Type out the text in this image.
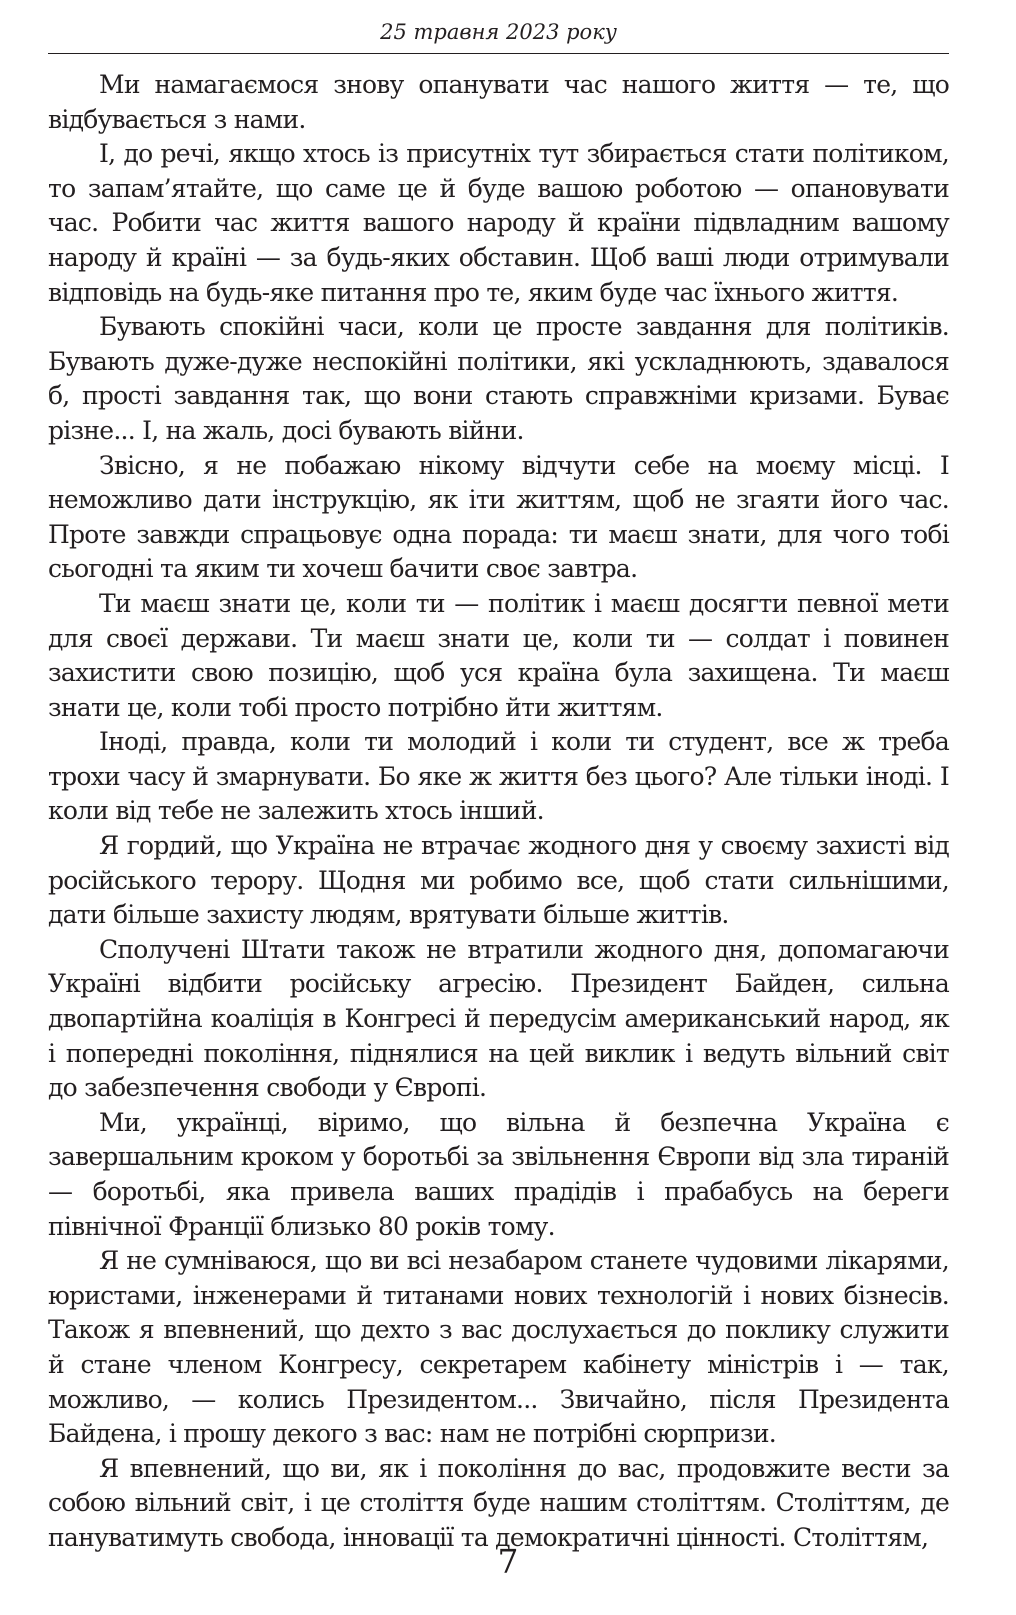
25 травня 2023 року

Ми намагаємося знову опанувати час нашого життя — те, що відбувається з нами.

І, до речі, якщо хтось із присутніх тут збирається стати політиком, то запам’ятайте, що саме це й буде вашою роботою — опановувати час. Робити час життя вашого народу й країни підвладним вашому народу й країні — за будь-яких обставин. Щоб ваші люди отримували відповідь на будь-яке питання про те, яким буде час їхнього життя.

Бувають спокійні часи, коли це просте завдання для політиків. Бувають дуже-дуже неспокійні політики, які ускладнюють, здавалося б, прості завдання так, що вони стають справжніми кризами. Буває різне... І, на жаль, досі бувають війни.

Звісно, я не побажаю нікому відчути себе на моєму місці. І неможливо дати інструкцію, як іти життям, щоб не згаяти його час. Проте завжди спрацьовує одна порада: ти маєш знати, для чого тобі сьогодні та яким ти хочеш бачити своє завтра.

Ти маєш знати це, коли ти — політик і маєш досягти певної мети для своєї держави. Ти маєш знати це, коли ти — солдат і повинен захистити свою позицію, щоб уся країна була захищена. Ти маєш знати це, коли тобі просто потрібно йти життям.

Іноді, правда, коли ти молодий і коли ти студент, все ж треба трохи часу й змарнувати. Бо яке ж життя без цього? Але тільки іноді. І коли від тебе не залежить хтось інший.

Я гордий, що Україна не втрачає жодного дня у своєму захисті від російського терору. Щодня ми робимо все, щоб стати сильнішими, дати більше захисту людям, врятувати більше життів.

Сполучені Штати також не втратили жодного дня, допомагаючи Україні відбити російську агресію. Президент Байден, сильна двопартійна коаліція в Конгресі й передусім американський народ, як і попередні покоління, піднялися на цей виклик і ведуть вільний світ до забезпечення свободи у Європі.

Ми, українці, віримо, що вільна й безпечна Україна є завершальним кроком у боротьбі за звільнення Європи від зла тираній — боротьбі, яка привела ваших прадідів і прабабусь на береги північної Франції близько 80 років тому.

Я не сумніваюся, що ви всі незабаром станете чудовими лікарями, юристами, інженерами й титанами нових технологій і нових бізнесів. Також я впевнений, що дехто з вас дослухається до поклику служити й стане членом Конгресу, секретарем кабінету міністрів і — так, можливо, — колись Президентом... Звичайно, після Президента Байдена, і прошу декого з вас: нам не потрібні сюрпризи.

Я впевнений, що ви, як і покоління до вас, продовжите вести за собою вільний світ, і це століття буде нашим століттям. Століттям, де пануватимуть свобода, інновації та демократичні цінності. Століттям,

7
